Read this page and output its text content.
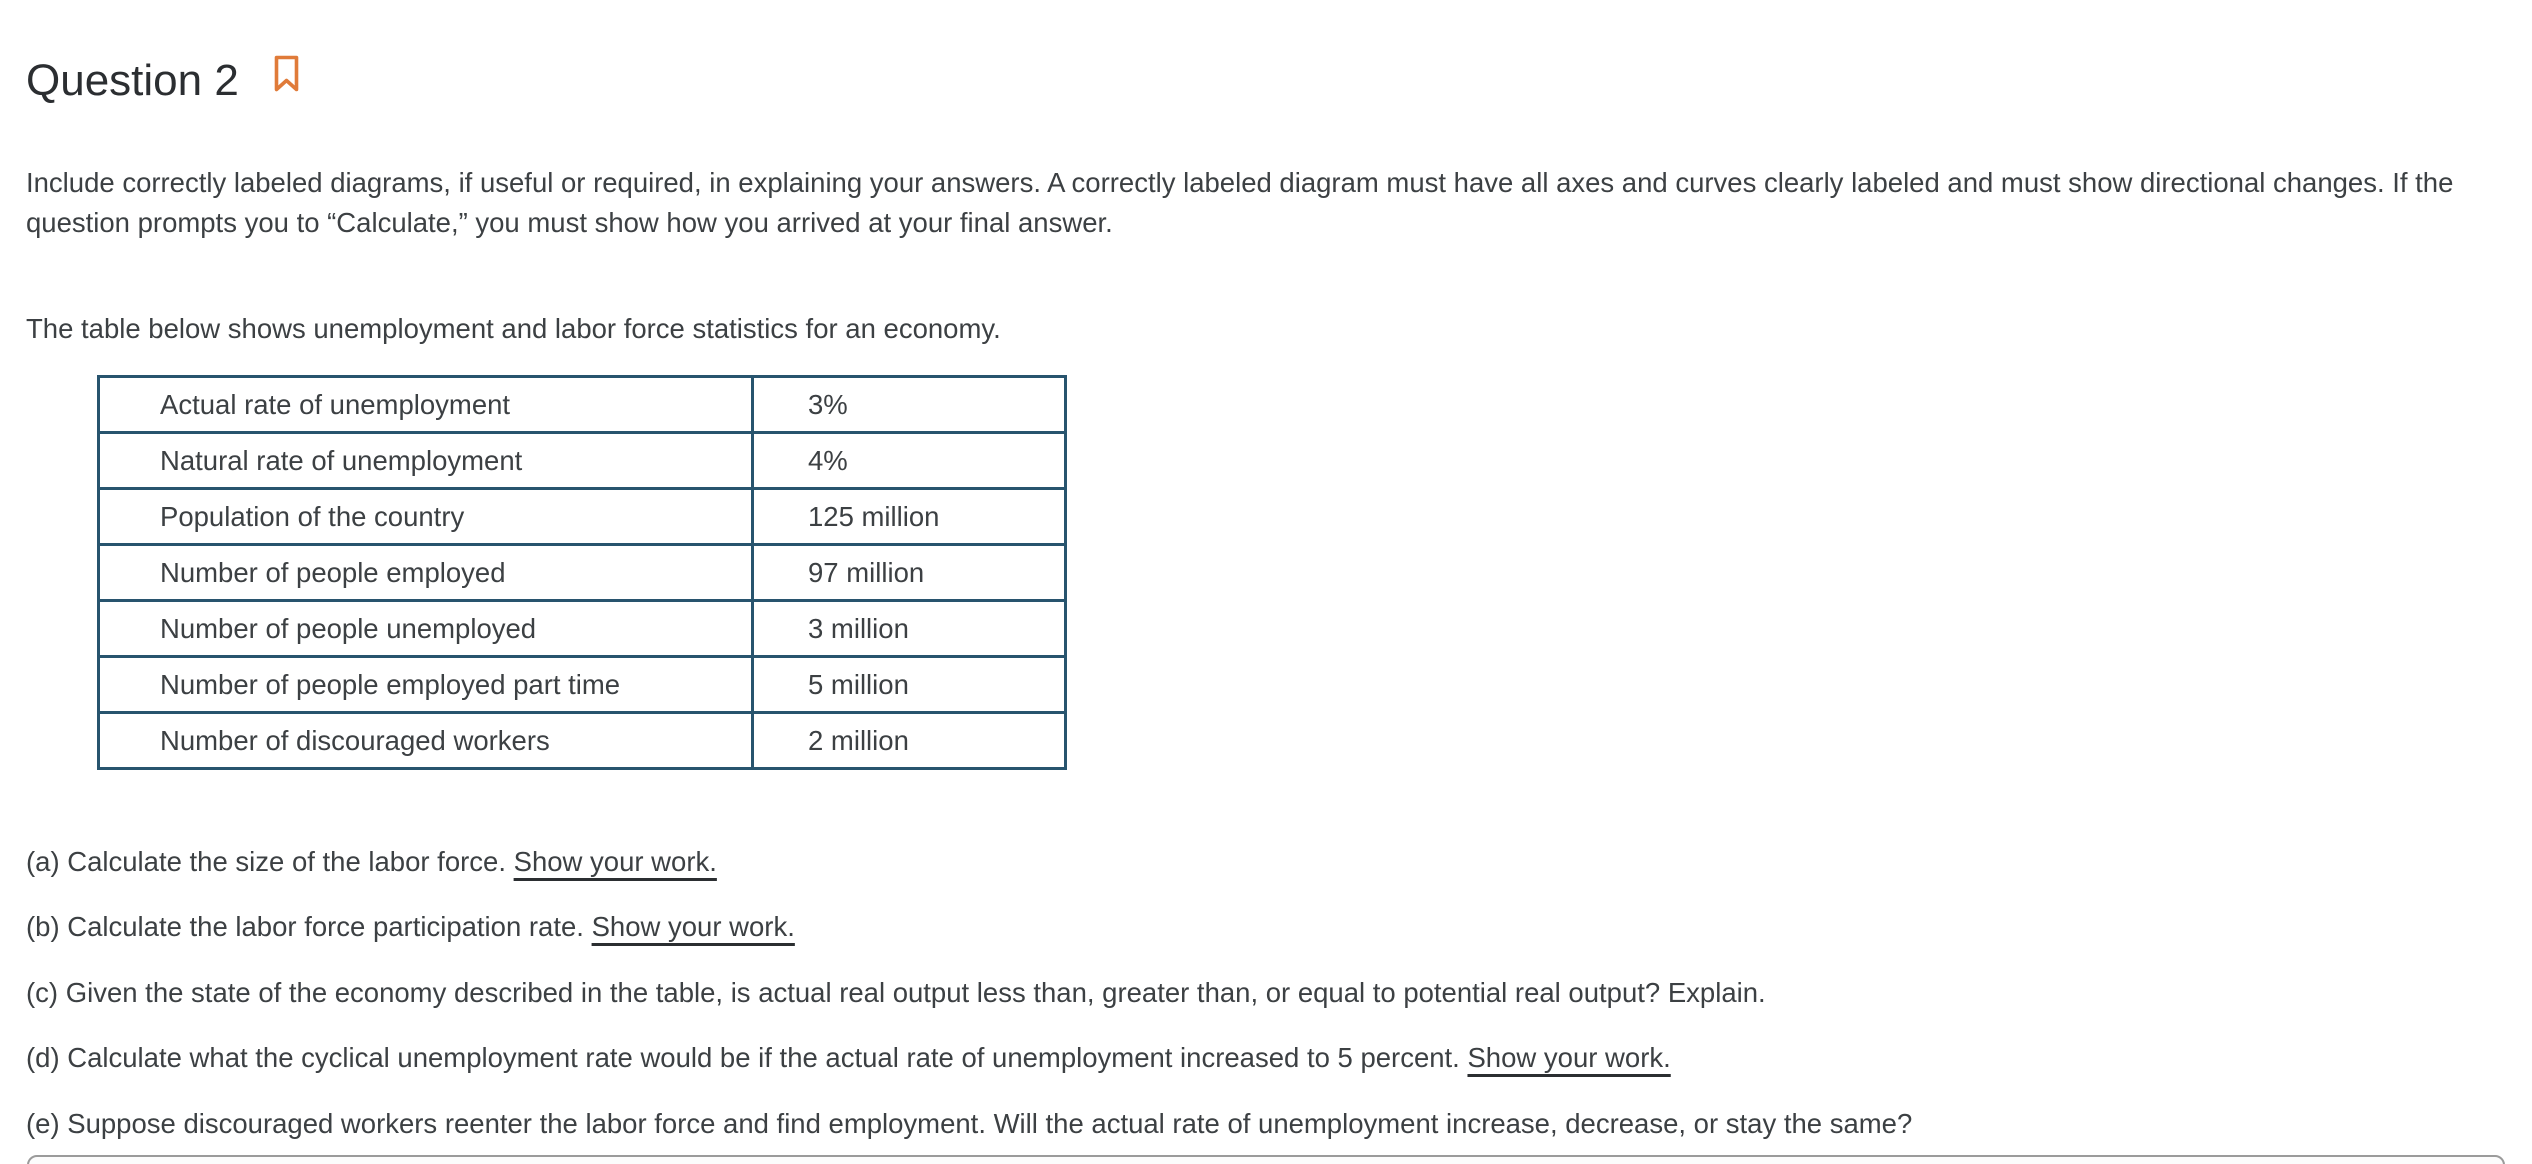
Question 2
Include correctly labeled diagrams, if useful or required, in explaining your answers. A correctly labeled diagram must have all axes and curves clearly labeled and must show directional changes. If the question prompts you to “Calculate,” you must show how you arrived at your final answer.
The table below shows unemployment and labor force statistics for an economy.
Actual rate of unemployment	3%
Natural rate of unemployment	4%
Population of the country	125 million
Number of people employed	97 million
Number of people unemployed	3 million
Number of people employed part time	5 million
Number of discouraged workers	2 million
(a) Calculate the size of the labor force. Show your work.
(b) Calculate the labor force participation rate. Show your work.
(c) Given the state of the economy described in the table, is actual real output less than, greater than, or equal to potential real output? Explain.
(d) Calculate what the cyclical unemployment rate would be if the actual rate of unemployment increased to 5 percent. Show your work.
(e) Suppose discouraged workers reenter the labor force and find employment. Will the actual rate of unemployment increase, decrease, or stay the same?
